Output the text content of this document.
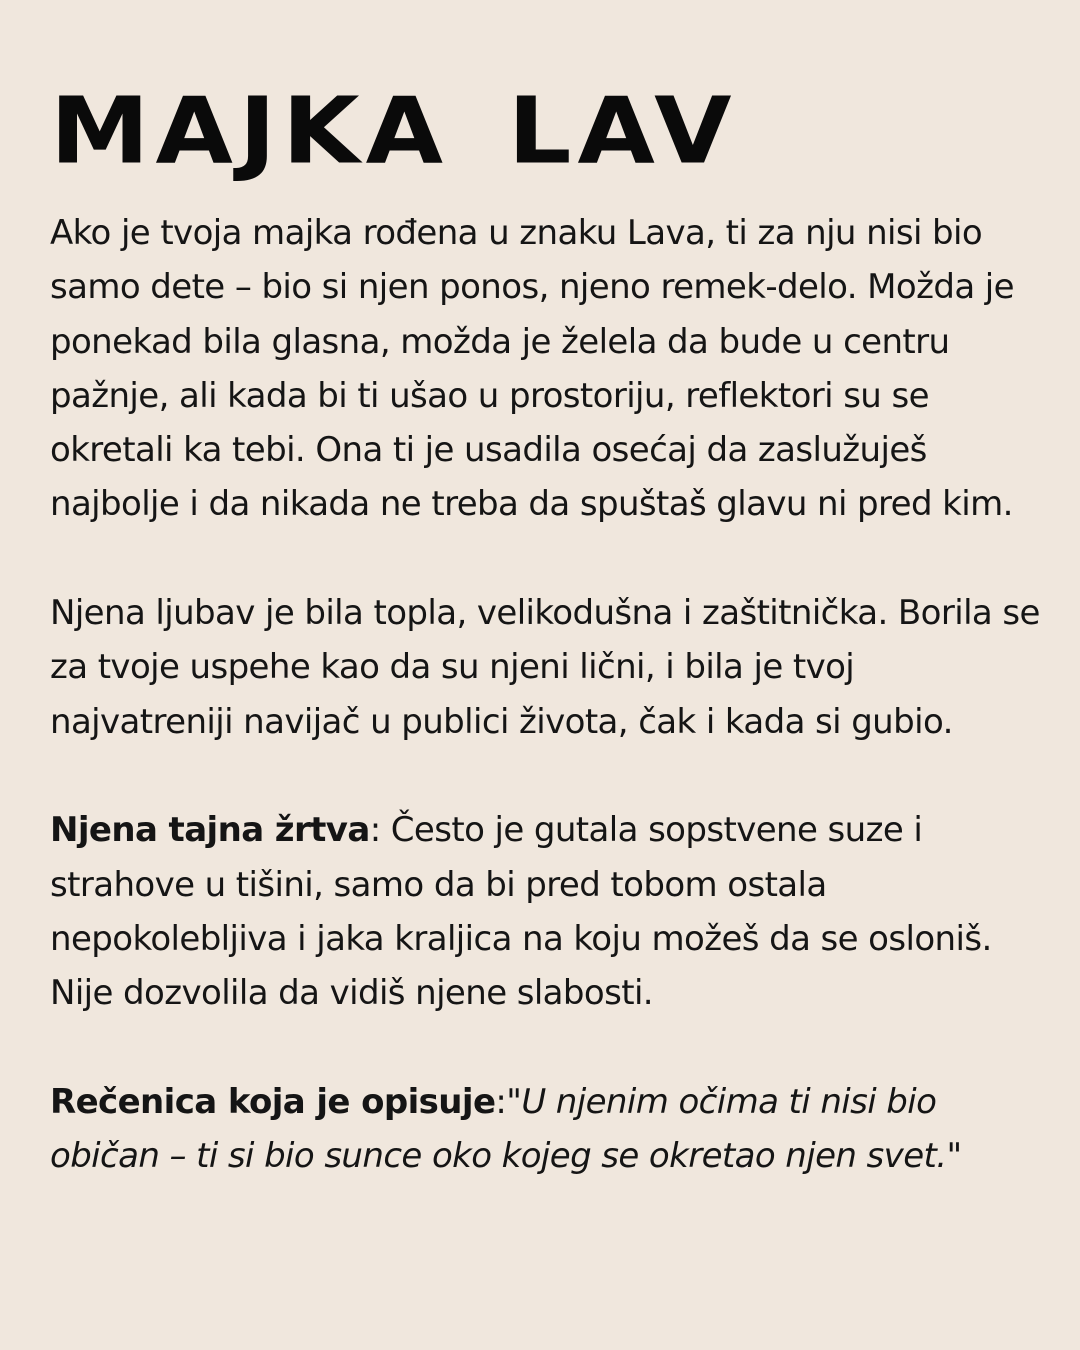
MAJKA LAV

Ako je tvoja majka rođena u znaku Lava, ti za nju nisi bio samo dete – bio si njen ponos, njeno remek-delo. Možda je ponekad bila glasna, možda je želela da bude u centru pažnje, ali kada bi ti ušao u prostoriju, reflektori su se okretali ka tebi. Ona ti je usadila osećaj da zaslužuješ najbolje i da nikada ne treba da spuštaš glavu ni pred kim.

Njena ljubav je bila topla, velikodušna i zaštitnička. Borila se za tvoje uspehe kao da su njeni lični, i bila je tvoj najvatreniji navijač u publici života, čak i kada si gubio.

Njena tajna žrtva: Često je gutala sopstvene suze i strahove u tišini, samo da bi pred tobom ostala nepokolebljiva i jaka kraljica na koju možeš da se osloniš. Nije dozvolila da vidiš njene slabosti.

Rečenica koja je opisuje:"U njenim očima ti nisi bio običan – ti si bio sunce oko kojeg se okretao njen svet."
